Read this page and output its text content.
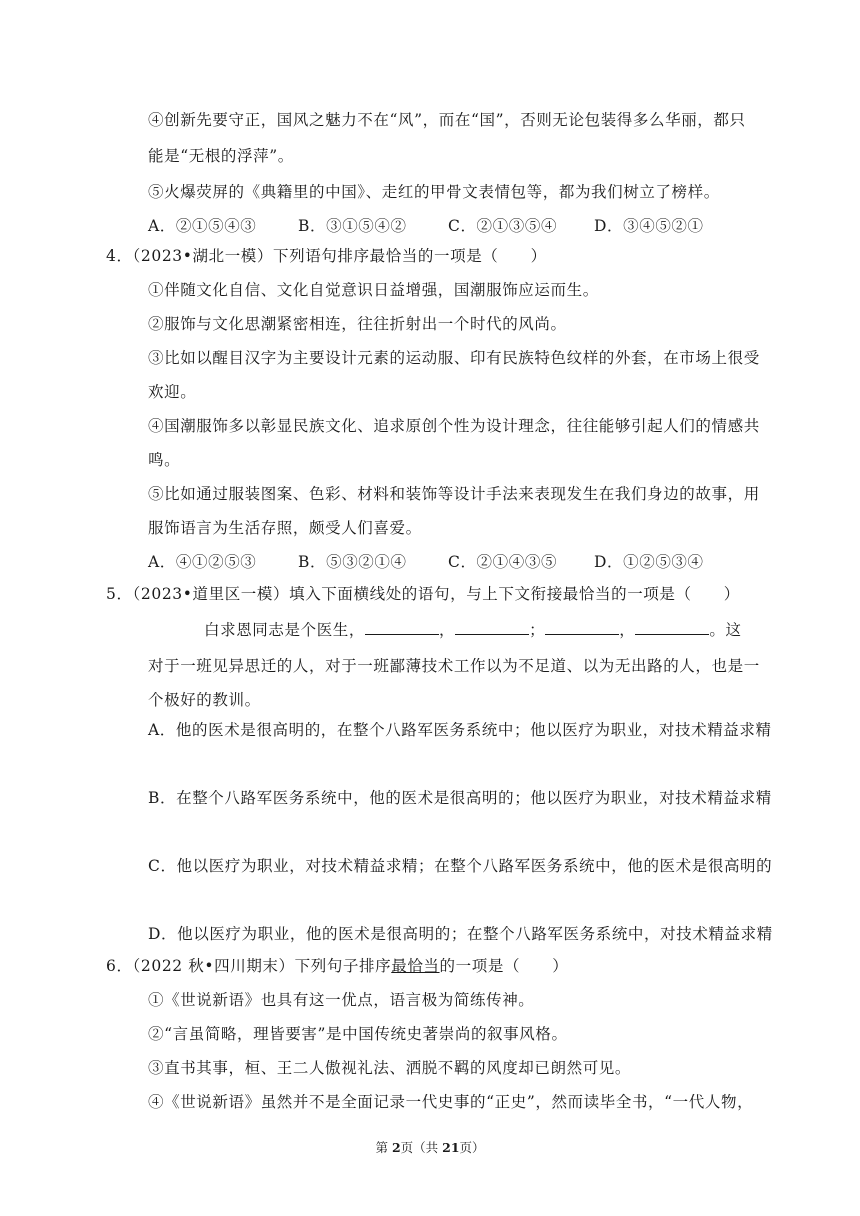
④创新先要守正，国风之魅力不在“风”，而在“国”，否则无论包装得多么华丽，都只
能是“无根的浮萍”。
⑤火爆荧屏的《典籍里的中国》、走红的甲骨文表情包等，都为我们树立了榜样。
A．②①⑤④③	B．③①⑤④②	C．②①③⑤④ D．③④⑤②①
4．（2023•湖北一模）下列语句排序最恰当的一项是（　　）
①伴随文化自信、文化自觉意识日益增强，国潮服饰应运而生。
②服饰与文化思潮紧密相连，往往折射出一个时代的风尚。
③比如以醒目汉字为主要设计元素的运动服、印有民族特色纹样的外套，在市场上很受
欢迎。
④国潮服饰多以彰显民族文化、追求原创个性为设计理念，往往能够引起人们的情感共
鸣。
⑤比如通过服装图案、色彩、材料和装饰等设计手法来表现发生在我们身边的故事，用
服饰语言为生活存照，颇受人们喜爱。
A．④①②⑤③	B．⑤③②①④	C．②①④③⑤ D．①②⑤③④
5．（2023•道里区一模）填入下面横线处的语句，与上下文衔接最恰当的一项是（　　）
白求恩同志是个医生，	，	；	，	。这
对于一班见异思迁的人，对于一班鄙薄技术工作以为不足道、以为无出路的人，也是一
个极好的教训。
A．他的医术是很高明的，在整个八路军医务系统中；他以医疗为职业，对技术精益求精
B．在整个八路军医务系统中，他的医术是很高明的；他以医疗为职业，对技术精益求精
C．他以医疗为职业，对技术精益求精；在整个八路军医务系统中，他的医术是很高明的
D．他以医疗为职业，他的医术是很高明的；在整个八路军医务系统中，对技术精益求精
6．（2022 秋•四川期末）下列句子排序最恰当的一项是（　　）
①《世说新语》也具有这一优点，语言极为简练传神。
②“言虽简略，理皆要害”是中国传统史著崇尚的叙事风格。
③直书其事，桓、王二人傲视礼法、洒脱不羁的风度却已朗然可见。
④《世说新语》虽然并不是全面记录一代史事的“正史”，然而读毕全书，“一代人物，
第 2页（共 21页）
